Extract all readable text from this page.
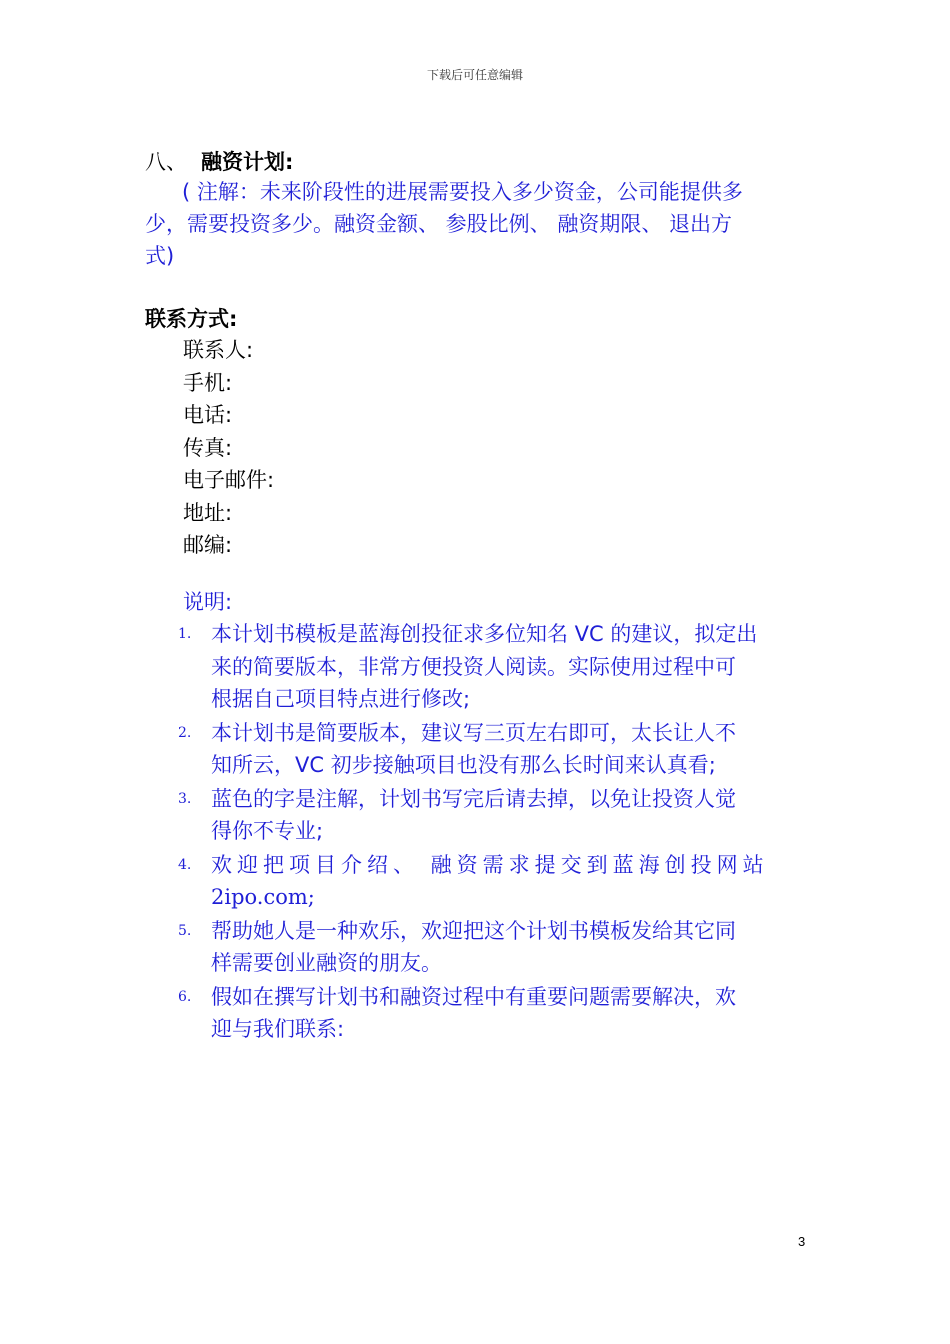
下载后可任意编辑
八、 融资计划:
( 注解：未来阶段性的进展需要投入多少资金，公司能提供多
少，需要投资多少。融资金额、 参股比例、 融资期限、 退出方
式)
联系方式:
联系人:
手机:
电话:
传真:
电子邮件:
地址:
邮编:
说明:
1. 本计划书模板是蓝海创投征求多位知名 VC 的建议，拟定出
来的简要版本，非常方便投资人阅读。实际使用过程中可
根据自己项目特点进行修改;
2. 本计划书是简要版本，建议写三页左右即可，太长让人不
知所云，VC 初步接触项目也没有那么长时间来认真看;
3. 蓝色的字是注解，计划书写完后请去掉，以免让投资人觉
得你不专业;
4. 欢迎把项目介绍、 融资需求提交到蓝海创投网站
2ipo.com;
5. 帮助她人是一种欢乐，欢迎把这个计划书模板发给其它同
样需要创业融资的朋友。
6. 假如在撰写计划书和融资过程中有重要问题需要解决，欢
迎与我们联系:
3
